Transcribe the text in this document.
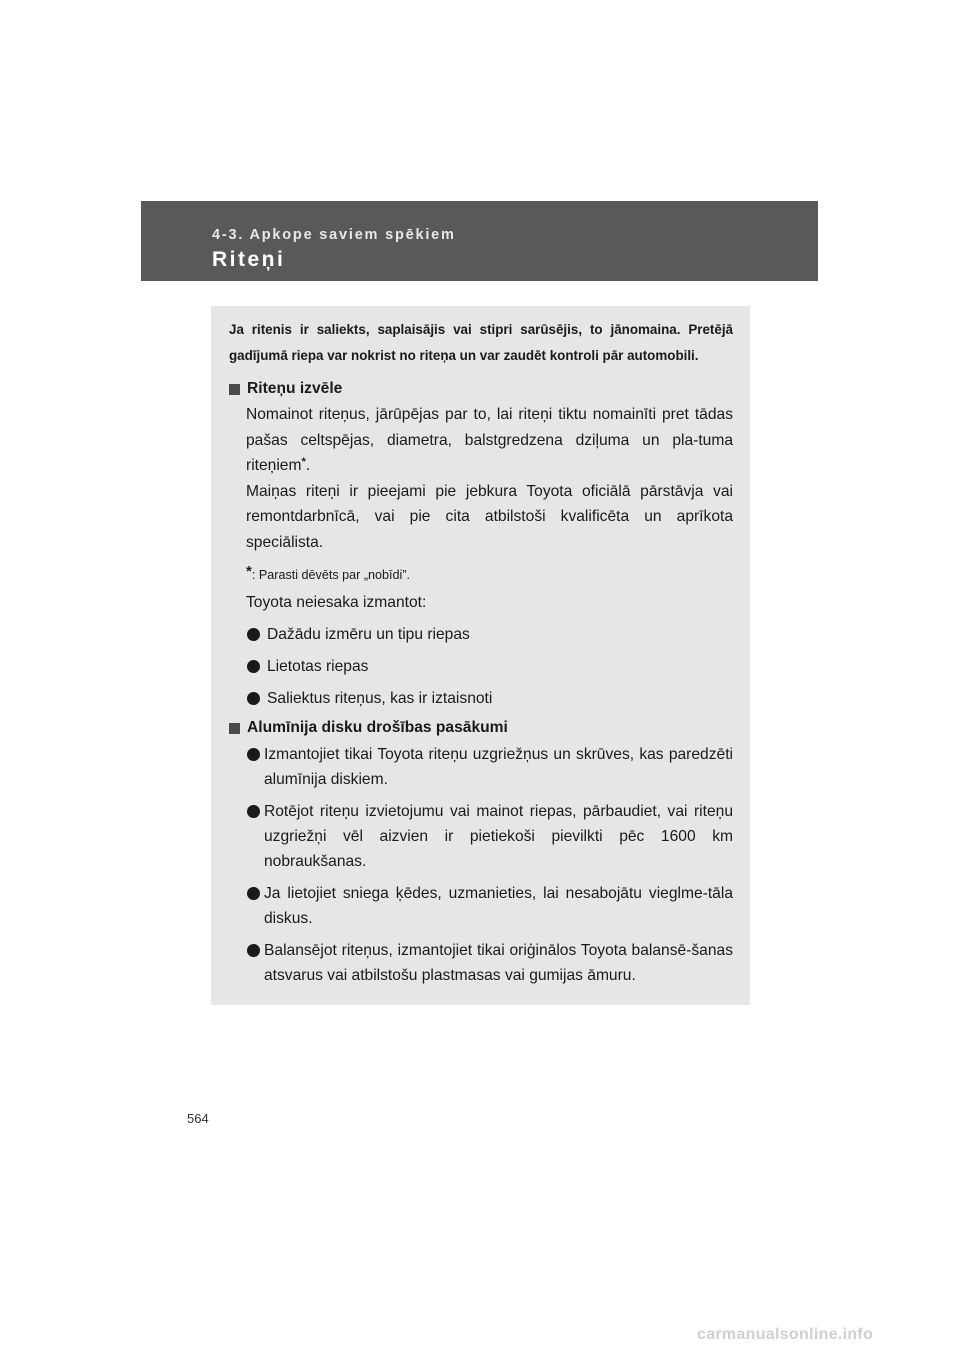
4-3. Apkope saviem spēkiem
Riteņi

Ja ritenis ir saliekts, saplaisājis vai stipri sarūsējis, to jānomaina. Pretējā gadījumā riepa var nokrist no riteņa un var zaudēt kontroli pār automobili.

Riteņu izvēle
Nomainot riteņus, jārūpējas par to, lai riteņi tiktu nomainīti pret tādas pašas celtspējas, diametra, balstgredzena dziļuma un pla-tuma riteņiem*.
Maiņas riteņi ir pieejami pie jebkura Toyota oficiālā pārstāvja vai remontdarbnīcā, vai pie cita atbilstoši kvalificēta un aprīkota speciālista.
*: Parasti dēvēts par „nobīdi”.
Toyota neiesaka izmantot:
Dažādu izmēru un tipu riepas
Lietotas riepas
Saliektus riteņus, kas ir iztaisnoti
Alumīnija disku drošības pasākumi
Izmantojiet tikai Toyota riteņu uzgriežņus un skrūves, kas paredzēti alumīnija diskiem.
Rotējot riteņu izvietojumu vai mainot riepas, pārbaudiet, vai riteņu uzgriežņi vēl aizvien ir pietiekoši pievilkti pēc 1600 km nobraukšanas.
Ja lietojiet sniega ķēdes, uzmanieties, lai nesabojātu vieglme-tāla diskus.
Balansējot riteņus, izmantojiet tikai oriģinālos Toyota balansē-šanas atsvarus vai atbilstošu plastmasas vai gumijas āmuru.
564
carmanualsonline.info
